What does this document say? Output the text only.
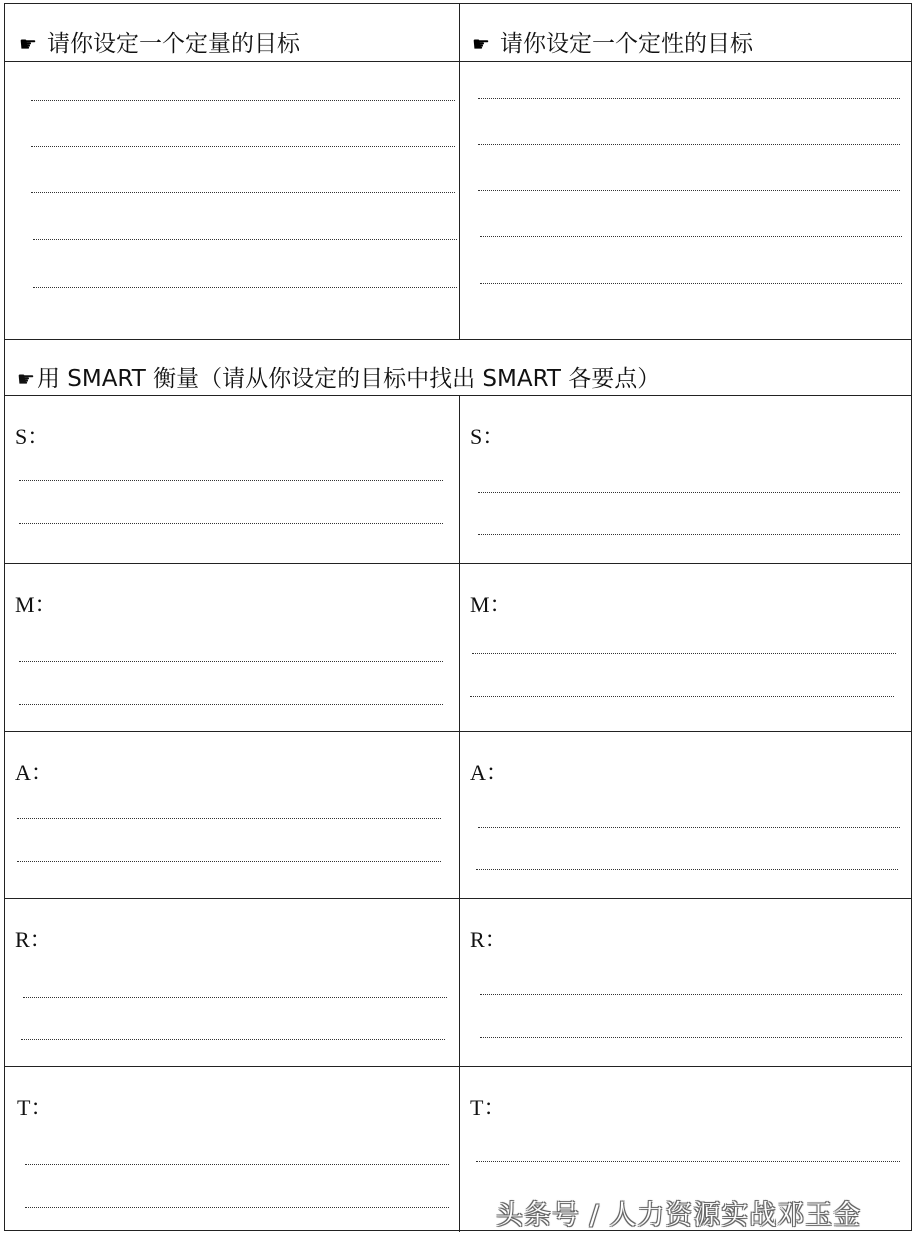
☛ 请你设定一个定量的目标	☛ 请你设定一个定性的目标
☛用 SMART 衡量（请从你设定的目标中找出 SMART 各要点）
S：	S：
M：	M：
A：	A：
R：	R：
T：	T：
头条号 / 人力资源实战邓玉金
